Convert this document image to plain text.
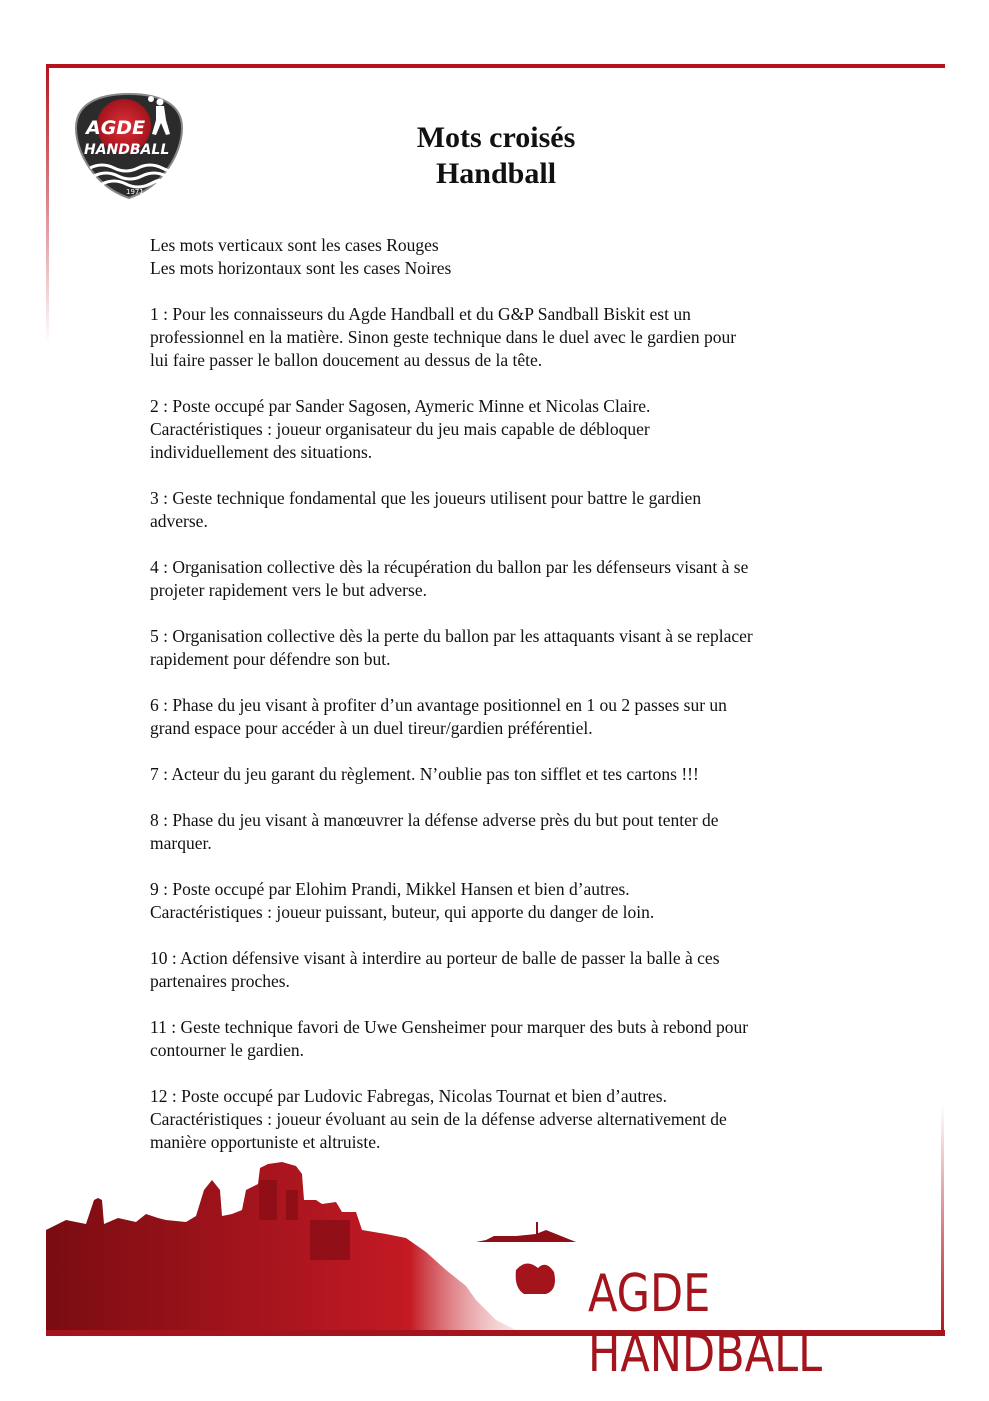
AGDE
HANDBALL
1971
Mots croisés
Handball

Les mots verticaux sont les cases Rouges
Les mots horizontaux sont les cases Noires

1 : Pour les connaisseurs du Agde Handball et du G&P Sandball Biskit est un
professionnel en la matière. Sinon geste technique dans le duel avec le gardien pour
lui faire passer le ballon doucement au dessus de la tête.

2 : Poste occupé par Sander Sagosen, Aymeric Minne et Nicolas Claire.
Caractéristiques : joueur organisateur du jeu mais capable de débloquer
individuellement des situations.

3 : Geste technique fondamental que les joueurs utilisent pour battre le gardien
adverse.

4 : Organisation collective dès la récupération du ballon par les défenseurs visant à se
projeter rapidement vers le but adverse.

5 : Organisation collective dès la perte du ballon par les attaquants visant à se replacer
rapidement pour défendre son but.

6 : Phase du jeu visant à profiter d’un avantage positionnel en 1 ou 2 passes sur un
grand espace pour accéder à un duel tireur/gardien préférentiel.

7 : Acteur du jeu garant du règlement. N’oublie pas ton sifflet et tes cartons !!!

8 : Phase du jeu visant à manœuvrer la défense adverse près du but pout tenter de
marquer.

9 : Poste occupé par Elohim Prandi, Mikkel Hansen et bien d’autres.
Caractéristiques : joueur puissant, buteur, qui apporte du danger de loin.

10 : Action défensive visant à interdire au porteur de balle de passer la balle à ces
partenaires proches.

11 : Geste technique favori de Uwe Gensheimer pour marquer des buts à rebond pour
contourner le gardien.

12 : Poste occupé par Ludovic Fabregas, Nicolas Tournat et bien d’autres.
Caractéristiques : joueur évoluant au sein de la défense adverse alternativement de
manière opportuniste et altruiste.

AGDE HANDBALL
